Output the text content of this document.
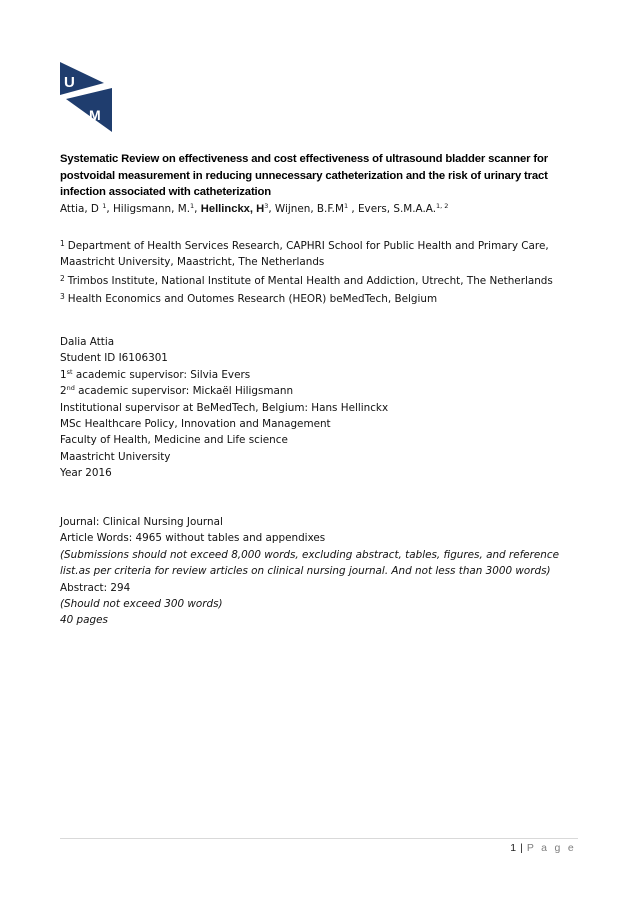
U
M
Systematic Review on effectiveness and cost effectiveness of ultrasound bladder scanner for postvoidal measurement in reducing unnecessary catheterization and the risk of urinary tract infection associated with catheterization

Attia, D $^1$, Hiligsmann, M.$^1$, Hellinckx, $H^3$, Wijnen, $B.F.M^1$ , Evers, S.M.A.A.$^{1, 2}$

$^1$ Department of Health Services Research, CAPHRI School for Public Health and Primary Care,

Maastricht University, Maastricht, The Netherlands

$^2$ Trimbos Institute, National Institute of Mental Health and Addiction, Utrecht, The Netherlands

$^3$ Health Economics and Outomes Research (HEOR) beMedTech, Belgium

Dalia Attia

Student ID I6106301

1st academic supervisor: Silvia Evers

2nd academic supervisor: Mickaël Hiligsmann

Institutional supervisor at BeMedTech, Belgium: Hans Hellinckx

MSc Healthcare Policy, Innovation and Management

Faculty of Health, Medicine and Life science

Maastricht University

Year 2016

Journal: Clinical Nursing Journal

Article Words: 4965 without tables and appendixes

(Submissions should not exceed 8,000 words, excluding abstract, tables, figures, and reference

list.as per criteria for review articles on clinical nursing journal. And not less than 3000 words)

Abstract: 294

(Should not exceed 300 words)

40 pages

1 | P a g e
